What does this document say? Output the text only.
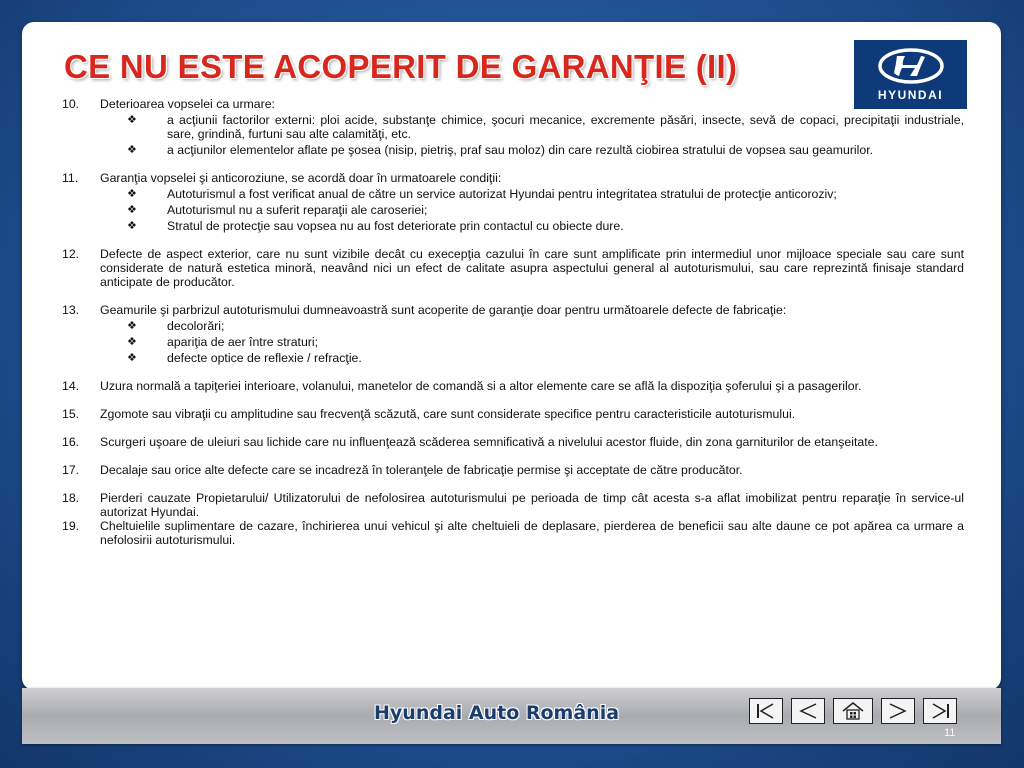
CE NU ESTE ACOPERIT DE GARANŢIE (II)
HYUNDAI
10.	Deterioarea vopselei ca urmare:
❖	a acţiunii factorilor externi: ploi acide, substanţe chimice, şocuri mecanice, excremente păsări, insecte, sevă de copaci, precipitaţii industriale, sare, grindină, furtuni sau alte calamităţi, etc.
❖	a acţiunilor elementelor aflate pe şosea (nisip, pietriş, praf sau moloz) din care rezultă ciobirea stratului de vopsea sau geamurilor.
11.	Garanţia vopselei şi anticoroziune, se acordă doar în urmatoarele condiţii:
❖	Autoturismul a fost verificat anual de către un service autorizat Hyundai pentru integritatea stratului de protecţie anticoroziv;
❖	Autoturismul nu a suferit reparaţii ale caroseriei;
❖	Stratul de protecţie sau vopsea nu au fost deteriorate prin contactul cu obiecte dure.
12.	Defecte de aspect exterior, care nu sunt vizibile decât cu execepţia cazului în care sunt amplificate prin intermediul unor mijloace speciale sau care sunt considerate de natură estetica minoră, neavând nici un efect de calitate asupra aspectului general al autoturismului, sau care reprezintă finisaje standard anticipate de producător.
13.	Geamurile şi parbrizul autoturismului dumneavoastră sunt acoperite de garanţie doar pentru următoarele defecte de fabricaţie:
❖	decolorări;
❖	apariţia de aer între straturi;
❖	defecte optice de reflexie / refracţie.
14.	Uzura normală a tapiţeriei interioare, volanului, manetelor de comandă si a altor elemente care se află la dispoziţia şoferului şi a pasagerilor.
15.	Zgomote sau vibraţii cu amplitudine sau frecvenţă scăzută, care sunt considerate specifice pentru caracteristicile autoturismului.
16.	Scurgeri uşoare de uleiuri sau lichide care nu influenţează scăderea semnificativă a nivelului acestor fluide, din zona garniturilor de etanşeitate.
17.	Decalaje sau orice alte defecte care se incadreză în toleranţele de fabricaţie permise şi acceptate de către producător.
18.	Pierderi cauzate Propietarului/ Utilizatorului de nefolosirea autoturismului pe perioada de timp cât acesta s-a aflat imobilizat pentru reparaţie în service-ul autorizat Hyundai.
19.	Cheltuielile suplimentare de cazare, închirierea unui vehicul şi alte cheltuieli de deplasare, pierderea de beneficii sau alte daune ce pot apărea ca urmare a nefolosirii autoturismului.
Hyundai Auto România
11
